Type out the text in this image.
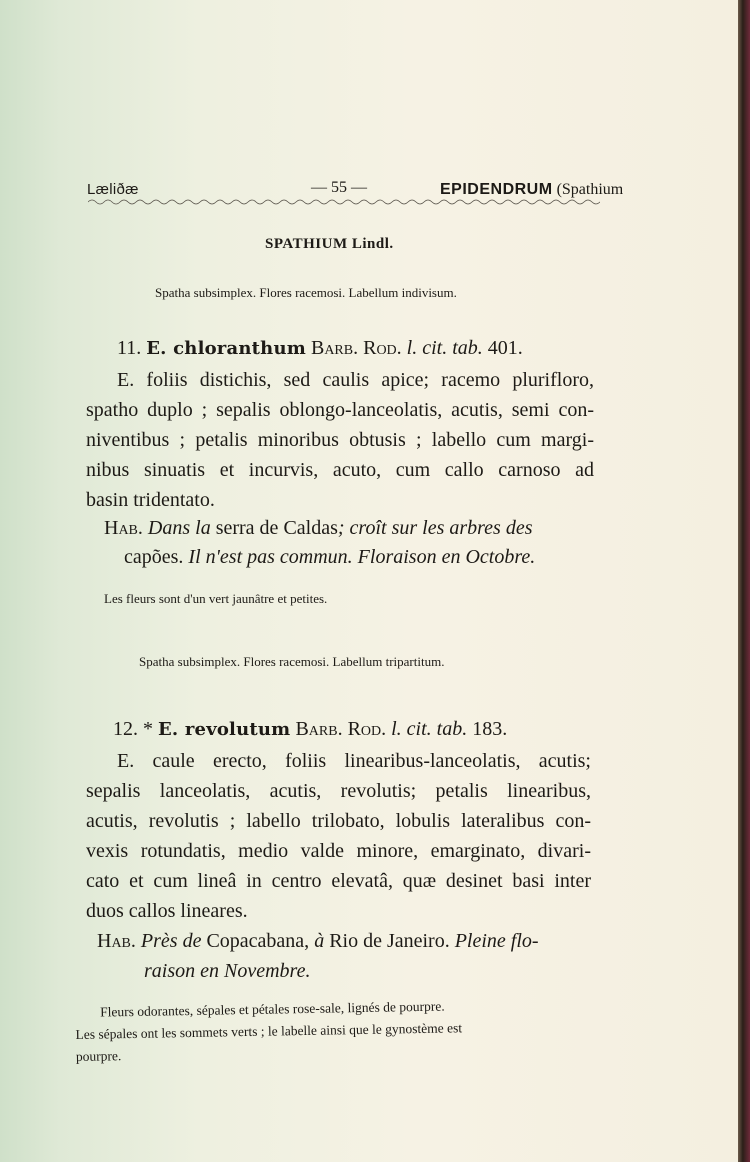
Læliðæ	— 55 —	EPIDENDRUM (Spathium
SPATHIUM Lindl.
Spatha subsimplex. Flores racemosi. Labellum indivisum.
11. E. chloranthum Barb. Rod. l. cit. tab. 401.
E. foliis distichis, sed caulis apice; racemo plurifloro,
spatho duplo ; sepalis oblongo-lanceolatis, acutis, semi con-
niventibus ; petalis minoribus obtusis ; labello cum margi-
nibus sinuatis et incurvis, acuto, cum callo carnoso ad
basin tridentato.
Hab. Dans la serra de Caldas; croît sur les arbres des
capões. Il n'est pas commun. Floraison en Octobre.
Les fleurs sont d'un vert jaunâtre et petites.
Spatha subsimplex. Flores racemosi. Labellum tripartitum.
12. * E. revolutum Barb. Rod. l. cit. tab. 183.
E. caule erecto, foliis linearibus-lanceolatis, acutis;
sepalis lanceolatis, acutis, revolutis; petalis linearibus,
acutis, revolutis ; labello trilobato, lobulis lateralibus con-
vexis rotundatis, medio valde minore, emarginato, divari-
cato et cum lineâ in centro elevatâ, quæ desinet basi inter
duos callos lineares.
Hab. Près de Copacabana, à Rio de Janeiro. Pleine flo-
raison en Novembre.
Fleurs odorantes, sépales et pétales rose-sale, lignés de pourpre.
Les sépales ont les sommets verts ; le labelle ainsi que le gynostème est
pourpre.
